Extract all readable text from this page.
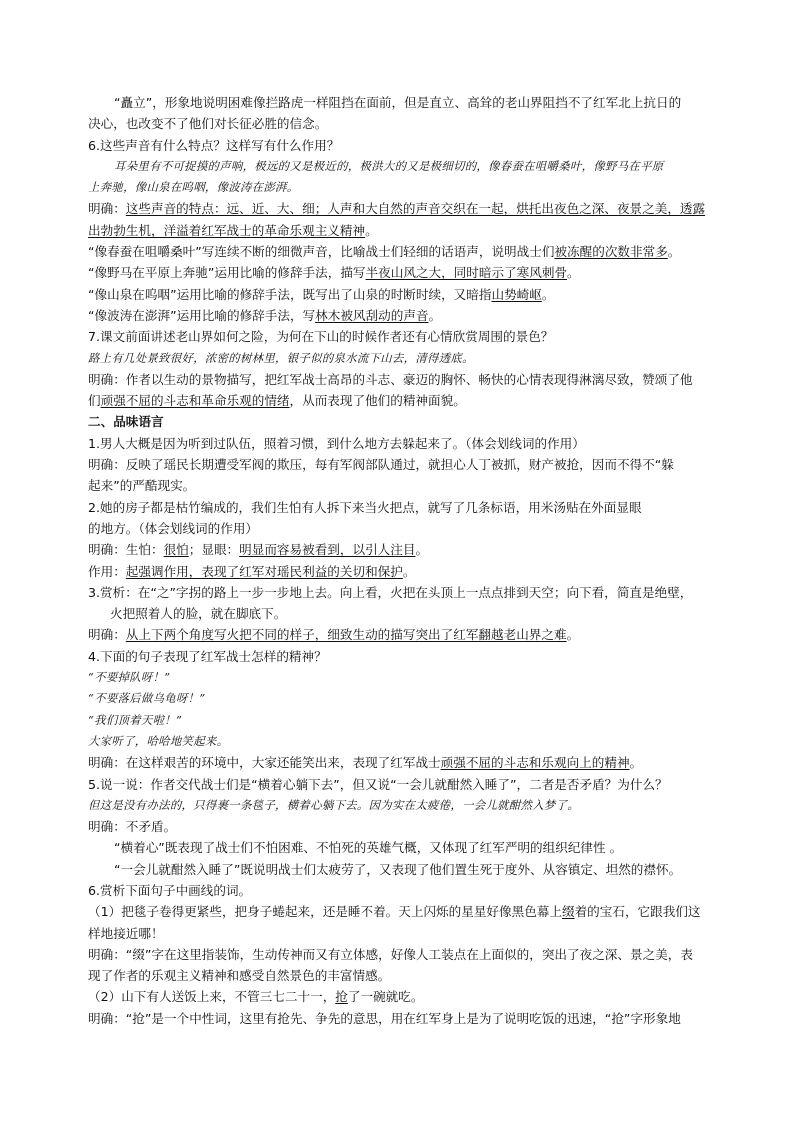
“矗立”，形象地说明困难像拦路虎一样阻挡在面前，但是直立、高耸的老山界阻挡不了红军北上抗日的
决心，也改变不了他们对长征必胜的信念。
6.这些声音有什么特点？这样写有什么作用？
耳朵里有不可捉摸的声响，极远的又是极近的，极洪大的又是极细切的，像春蚕在咀嚼桑叶，像野马在平原
上奔驰，像山泉在呜咽，像波涛在澎湃。
明确：这些声音的特点：远、近、大、细；人声和大自然的声音交织在一起，烘托出夜色之深、夜景之美，透露
出勃勃生机，洋溢着红军战士的革命乐观主义精神。
“像春蚕在咀嚼桑叶”写连续不断的细微声音，比喻战士们轻细的话语声，说明战士们被冻醒的次数非常多。
“像野马在平原上奔驰”运用比喻的修辞手法，描写半夜山风之大，同时暗示了寒风刺骨。
“像山泉在呜咽”运用比喻的修辞手法，既写出了山泉的时断时续，又暗指山势崎岖。
“像波涛在澎湃”运用比喻的修辞手法，写林木被风刮动的声音。
7.课文前面讲述老山界如何之险，为何在下山的时候作者还有心情欣赏周围的景色？
路上有几处景致很好，浓密的树林里，银子似的泉水流下山去，清得透底。
明确：作者以生动的景物描写，把红军战士高昂的斗志、豪迈的胸怀、畅快的心情表现得淋漓尽致，赞颂了他
们顽强不屈的斗志和革命乐观的情绪，从而表现了他们的精神面貌。
二、品味语言
1.男人大概是因为听到过队伍，照着习惯，到什么地方去躲起来了。（体会划线词的作用）
明确：反映了瑶民长期遭受军阀的欺压，每有军阀部队通过，就担心人丁被抓，财产被抢，因而不得不“躲
起来”的严酷现实。
2.她的房子都是枯竹编成的，我们生怕有人拆下来当火把点，就写了几条标语，用米汤贴在外面显眼
的地方。（体会划线词的作用）
明确：生怕：很怕；显眼：明显而容易被看到，以引人注目。
作用：起强调作用，表现了红军对瑶民利益的关切和保护。
3.赏析：在“之”字拐的路上一步一步地上去。向上看，火把在头顶上一点点排到天空；向下看，简直是绝壁，
火把照着人的脸，就在脚底下。
明确：从上下两个角度写火把不同的样子，细致生动的描写突出了红军翻越老山界之难。
4.下面的句子表现了红军战士怎样的精神？
“不要掉队呀！”
“不要落后做乌龟呀！”
“我们顶着天啦！”
大家听了，哈哈地笑起来。
明确：在这样艰苦的环境中，大家还能笑出来，表现了红军战士顽强不屈的斗志和乐观向上的精神。
5.说一说：作者交代战士们是“横着心躺下去”，但又说“一会儿就酣然入睡了”，二者是否矛盾？为什么？
但这是没有办法的，只得裹一条毯子，横着心躺下去。因为实在太疲倦，一会儿就酣然入梦了。
明确：不矛盾。
“横着心”既表现了战士们不怕困难、不怕死的英雄气概，又体现了红军严明的组织纪律性 。
“一会儿就酣然入睡了”既说明战士们太疲劳了，又表现了他们置生死于度外、从容镇定、坦然的襟怀。
6.赏析下面句子中画线的词。
（1）把毯子卷得更紧些，把身子蜷起来，还是睡不着。天上闪烁的星星好像黑色幕上缀着的宝石，它跟我们这
样地接近哪！
明确：“缀”字在这里指装饰，生动传神而又有立体感，好像人工装点在上面似的，突出了夜之深、景之美，表
现了作者的乐观主义精神和感受自然景色的丰富情感。
（2）山下有人送饭上来，不管三七二十一，抢了一碗就吃。
明确：“抢”是一个中性词，这里有抢先、争先的意思，用在红军身上是为了说明吃饭的迅速，“抢”字形象地
